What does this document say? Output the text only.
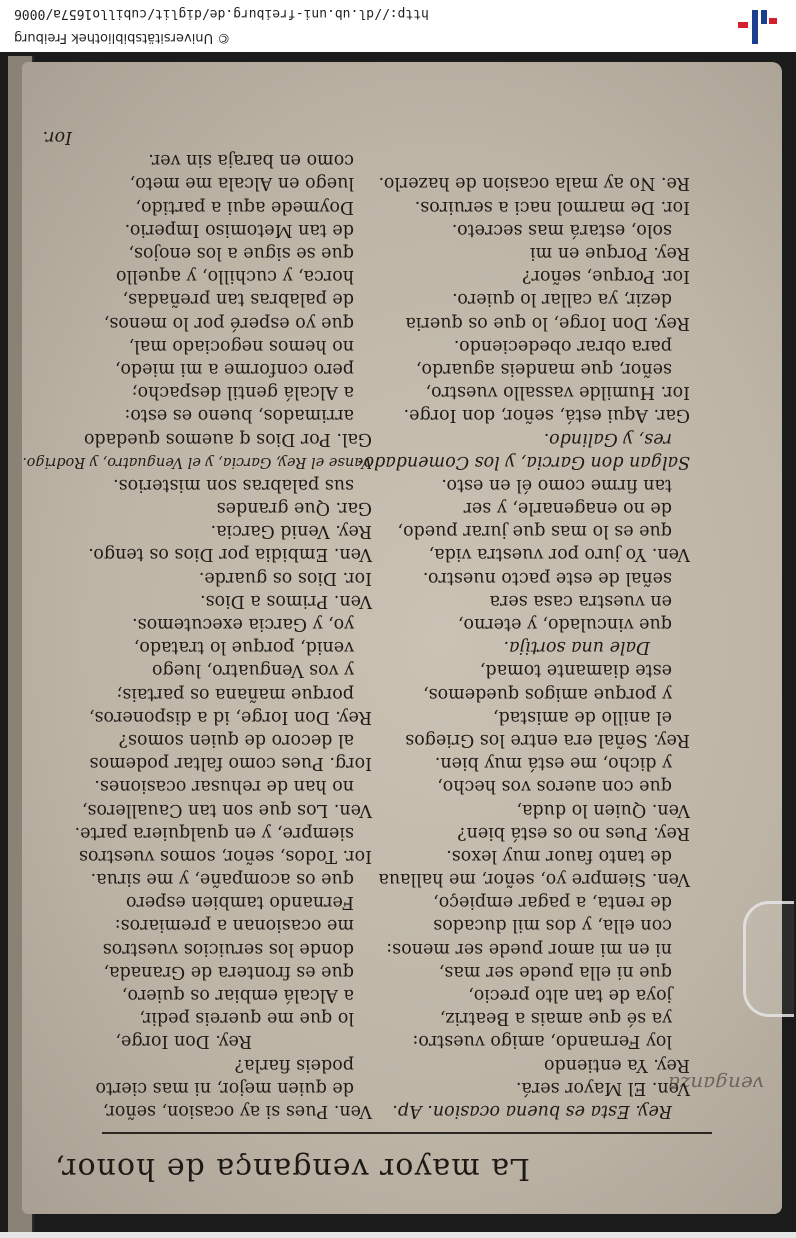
© Universitätsbibliothek Freiburg
http://dl.ub.uni-freiburg.de/diglit/cubillo1657a/0006
La mayor vengança de honor,
venganza
Rey. Esta es buena ocasion. Ap.
Ven. El Mayor será.
Rey. Ya entiendo
loy Fernando, amigo vuestro:
ya sé que amais a Beatriz,
joya de tan alto precio,
que ni ella puede ser mas,
ni en mi amor puede ser menos:
con ella, y dos mil ducados
de renta, a pagar empieço,
Ven. Siempre yo, señor, me hallaua
de tanto fauor muy lexos.
Rey. Pues no os está bien?
Ven. Quien lo duda,
que con aueros vos hecho,
y dicho, me está muy bien.
Rey. Señal era entre los Griegos
el anillo de amistad,
y porque amigos quedemos,
este diamante tomad,
Dale una sortija.
que vinculado, y eterno,
en vuestra casa sera
señal de este pacto nuestro.
Ven. Yo juro por vuestra vida,
que es lo mas que jurar puedo,
de no enagenarle, y ser
tan firme como él en esto.
Salgan don Garcia, y los Comendado-
res, y Galindo.
Gar. Aqui está, señor, don Iorge.
Ior. Humilde vassallo vuestro,
señor, que mandeis aguardo,
para obrar obedeciendo.
Rey. Don Iorge, lo que os queria
dezir, ya callar lo quiero.
Ior. Porque, señor?
Rey. Porque en mi
solo, estará mas secreto.
Ior. De marmol naci a seruiros.
Re. No ay mala ocasion de hazerlo.
Ven. Pues si ay ocasion, señor,
de quien mejor, ni mas cierto
podeis fiarla?
Rey. Don Iorge,
lo que me quereis pedir,
a Alcalá embiar os quiero,
que es frontera de Granada,
donde los seruicios vuestros
me ocasionan a premiaros:
Fernando tambien espero
que os acompañe, y me sirua.
Ior. Todos, señor, somos vuestros
siempre, y en qualquiera parte.
Ven. Los que son tan Caualleros,
no han de rehusar ocasiones.
Iorg. Pues como faltar podemos
al decoro de quien somos?
Rey. Don Iorge, id a disponeros,
porque mañana os partais;
y vos Venguatro, luego
venid, porque lo tratado,
yo, y Garcia executemos.
Ven. Primos a Dios.
Ior. Dios os guarde.
Ven. Embidia por Dios os tengo.
Rey. Venid Garcia.
Gar. Que grandes
sus palabras son misterios.
Vanse el Rey, Garcia, y el Venguatro, y Rodrigo.
Gal. Por Dios q auemos quedado
arrimados, bueno es esto:
a Alcalá gentil despacho;
pero conforme a mi miedo,
no hemos negociado mal,
que yo esperé por lo menos,
de palabras tan preñadas,
horca, y cuchillo, y aquello
que se sigue a los enojos,
de tan Metomiso Imperio.
Doymede aqui a partido,
luego en Alcala me meto,
como en baraja sin ver.
Ior.
